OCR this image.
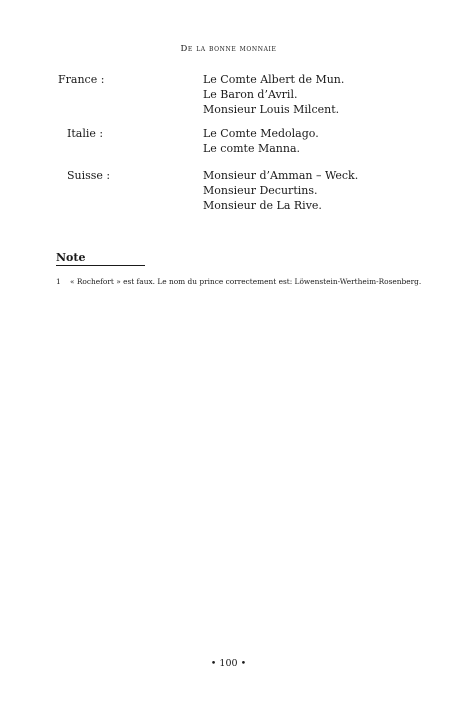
De la bonne monnaie
France :	Le Comte Albert de Mun.
Le Baron d’Avril.
Monsieur Louis Milcent.
Italie :	Le Comte Medolago.
Le comte Manna.
Suisse :	Monsieur d’Amman – Weck.
Monsieur Decurtins.
Monsieur de La Rive.
Note
1 « Rochefort » est faux. Le nom du prince correctement est: Löwenstein-Wertheim-Rosenberg.
• 100 •
